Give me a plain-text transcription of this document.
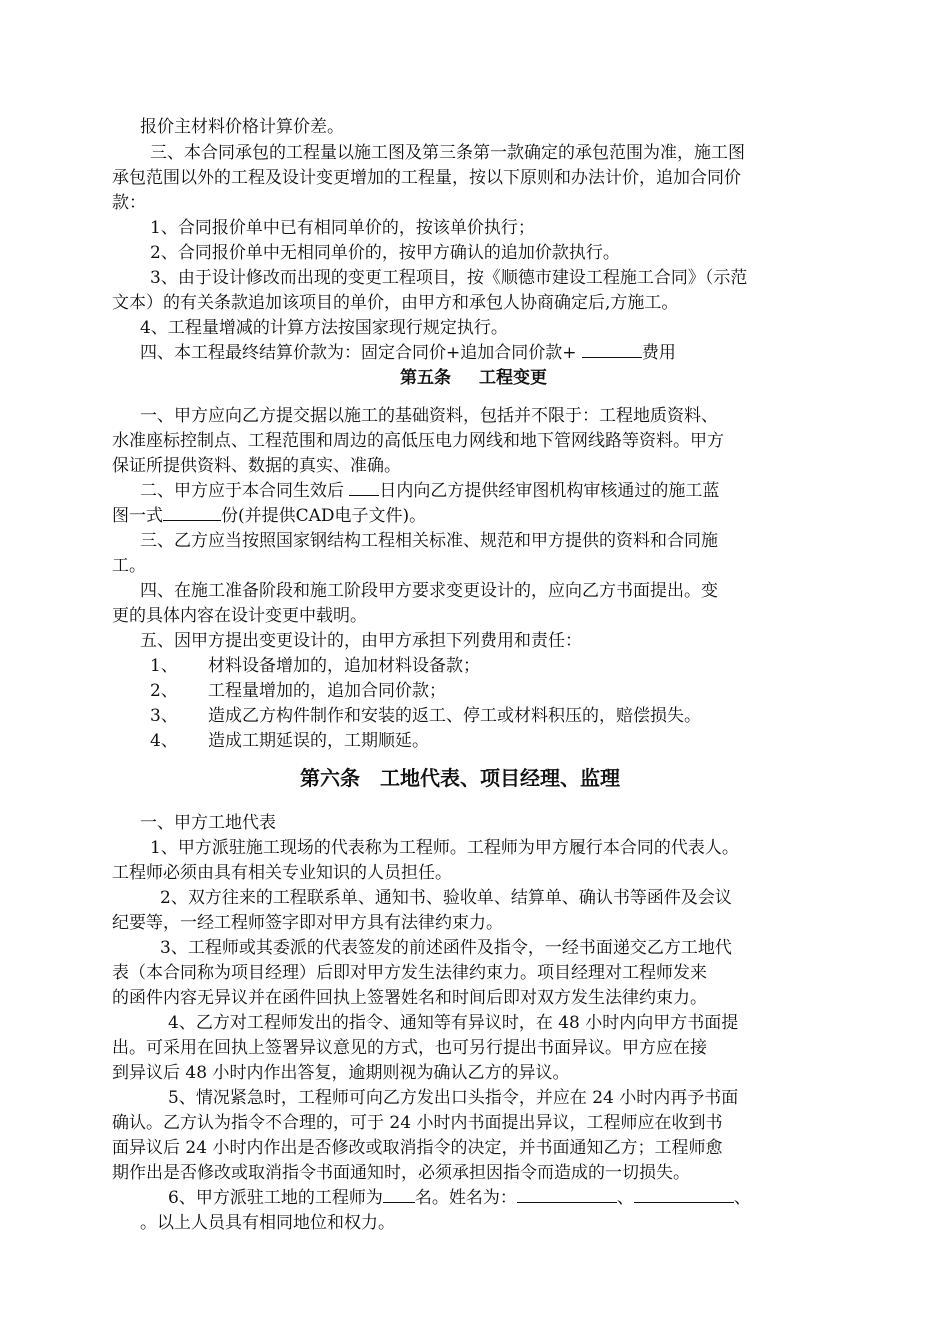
报价主材料价格计算价差。
三、本合同承包的工程量以施工图及第三条第一款确定的承包范围为准，施工图
承包范围以外的工程及设计变更增加的工程量，按以下原则和办法计价，追加合同价
款：
1、合同报价单中已有相同单价的，按该单价执行；
2、合同报价单中无相同单价的，按甲方确认的追加价款执行。
3、由于设计修改而出现的变更工程项目，按《顺德市建设工程施工合同》（示范
文本）的有关条款追加该项目的单价，由甲方和承包人协商确定后,方施工。
4、工程量增减的计算方法按国家现行规定执行。
四、本工程最终结算价款为：固定合同价+追加合同价款+	费用
第五条 工程变更
一、甲方应向乙方提交据以施工的基础资料，包括并不限于：工程地质资料、
水准座标控制点、工程范围和周边的高低压电力网线和地下管网线路等资料。甲方
保证所提供资料、数据的真实、准确。
二、甲方应于本合同生效后 日内向乙方提供经审图机构审核通过的施工蓝
图一式	份(并提供CAD电子文件)。
三、乙方应当按照国家钢结构工程相关标准、规范和甲方提供的资料和合同施
工。
四、在施工准备阶段和施工阶段甲方要求变更设计的，应向乙方书面提出。变
更的具体内容在设计变更中载明。
五、因甲方提出变更设计的，由甲方承担下列费用和责任：
1、 材料设备增加的，追加材料设备款；
2、 工程量增加的，追加合同价款；
3、 造成乙方构件制作和安装的返工、停工或材料积压的，赔偿损失。
4、 造成工期延误的，工期顺延。
第六条 工地代表、项目经理、监理
一、甲方工地代表
1、甲方派驻施工现场的代表称为工程师。工程师为甲方履行本合同的代表人。
工程师必须由具有相关专业知识的人员担任。
2、双方往来的工程联系单、通知书、验收单、结算单、确认书等函件及会议
纪要等，一经工程师签字即对甲方具有法律约束力。
3、工程师或其委派的代表签发的前述函件及指令，一经书面递交乙方工地代
表（本合同称为项目经理）后即对甲方发生法律约束力。项目经理对工程师发来
的函件内容无异议并在函件回执上签署姓名和时间后即对双方发生法律约束力。
4、乙方对工程师发出的指令、通知等有异议时，在 48 小时内向甲方书面提
出。可采用在回执上签署异议意见的方式，也可另行提出书面异议。甲方应在接
到异议后 48 小时内作出答复，逾期则视为确认乙方的异议。
5、情况紧急时，工程师可向乙方发出口头指令，并应在 24 小时内再予书面
确认。乙方认为指令不合理的，可于 24 小时内书面提出异议，工程师应在收到书
面异议后 24 小时内作出是否修改或取消指令的决定，并书面通知乙方；工程师愈
期作出是否修改或取消指令书面通知时，必须承担因指令而造成的一切损失。
6、甲方派驻工地的工程师为 名。姓名为：	、	、
。以上人员具有相同地位和权力。
